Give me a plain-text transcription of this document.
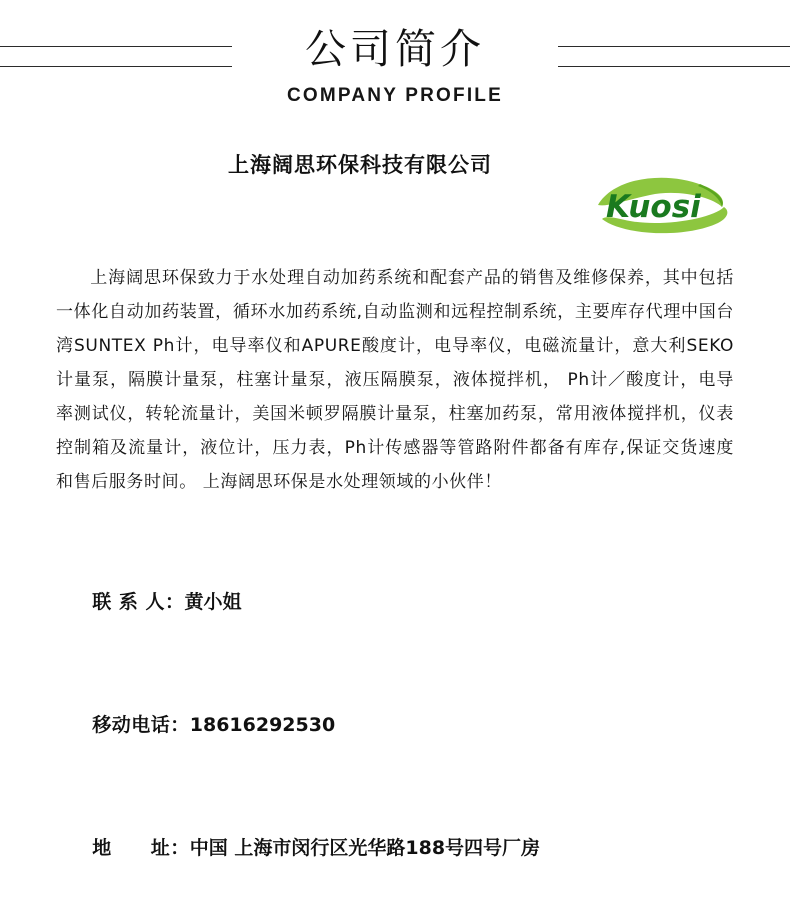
公司简介
COMPANY PROFILE
上海阔思环保科技有限公司
Kuosi

上海阔思环保致力于水处理自动加药系统和配套产品的销售及维修保养，其中包括一体化自动加药装置，循环水加药系统,自动监测和远程控制系统，主要库存代理中国台湾SUNTEX Ph计，电导率仪和APURE酸度计，电导率仪，电磁流量计，意大利SEKO计量泵，隔膜计量泵，柱塞计量泵，液压隔膜泵，液体搅拌机， Ph计／酸度计，电导率测试仪，转轮流量计，美国米顿罗隔膜计量泵，柱塞加药泵，常用液体搅拌机，仪表控制箱及流量计，液位计，压力表，Ph计传感器等管路附件都备有库存,保证交货速度和售后服务时间。 上海阔思环保是水处理领域的小伙伴！

联 系 人：黄小姐

移动电话：18616292530

地　　址：中国 上海市闵行区光华路188号四号厂房
